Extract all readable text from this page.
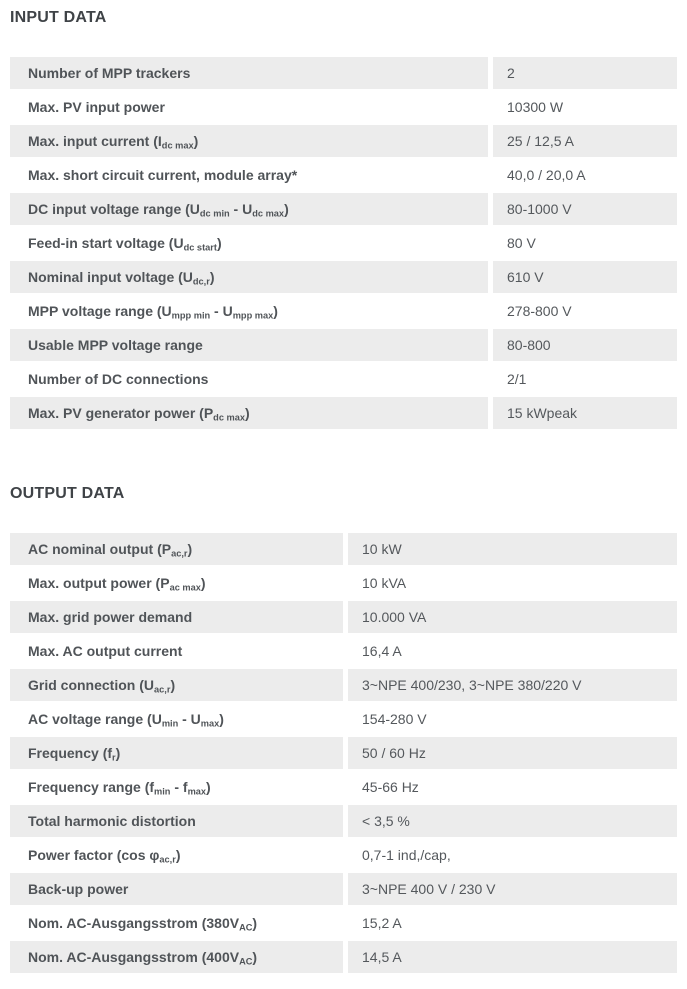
INPUT DATA
Number of MPP trackers	2
Max. PV input power	10300 W
Max. input current $(I_{dc max})$	25 / 12,5 A
Max. short circuit current, module array*	40,0 / 20,0 A
DC input voltage range $(U_{dc min} - U_{dc max})$	80-1000 V
Feed-in start voltage $(U_{dc start})$	80 V
Nominal input voltage $(U_{dc,r})$	610 V
MPP voltage range $(U_{mpp min} - U_{mpp max})$	278-800 V
Usable MPP voltage range	80-800
Number of DC connections	2/1
Max. PV generator power $(P_{dc max})$	15 kWpeak
OUTPUT DATA
AC nominal output $(P_{ac,r})$	10 kW
Max. output power $(P_{ac max})$	10 kVA
Max. grid power demand	10.000 VA
Max. AC output current	16,4 A
Grid connection $(U_{ac,r})$	3~NPE 400/230, 3~NPE 380/220 V
AC voltage range $(U_{min} - U_{max})$	154-280 V
Frequency $(f_r)$	50 / 60 Hz
Frequency range $(f_{min} - f_{max})$	45-66 Hz
Total harmonic distortion	< 3,5 %
Power factor (cos $\varphi_{ac,r}$)	0,7-1 ind,/cap,
Back-up power	3~NPE 400 V / 230 V
Nom. AC-Ausgangsstrom $(380V_{AC})$	15,2 A
Nom. AC-Ausgangsstrom $(400V_{AC})$	14,5 A
